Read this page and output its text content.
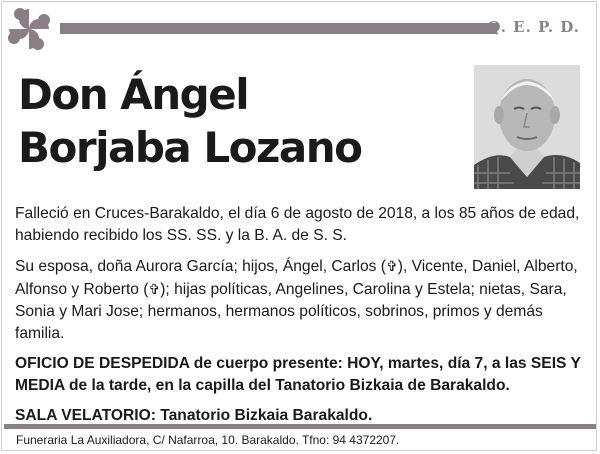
Q. E. P. D.
Don Ángel
Borjaba Lozano

Falleció en Cruces-Barakaldo, el día 6 de agosto de 2018, a los 85 años de edad, habiendo recibido los SS. SS. y la B. A. de S. S.

Su esposa, doña Aurora García; hijos, Ángel, Carlos (✞), Vicente, Daniel, Alberto, Alfonso y Roberto (✞); hijas políticas, Angelines, Carolina y Estela; nietas, Sara, Sonia y Mari Jose; hermanos, hermanos políticos, sobrinos, primos y demás familia.

OFICIO DE DESPEDIDA de cuerpo presente: HOY, martes, día 7, a las SEIS Y MEDIA de la tarde, en la capilla del Tanatorio Bizkaia de Barakaldo.

SALA VELATORIO: Tanatorio Bizkaia Barakaldo.

Funeraria La Auxiliadora, C/ Nafarroa, 10. Barakaldo. Tfno: 94 4372207.
